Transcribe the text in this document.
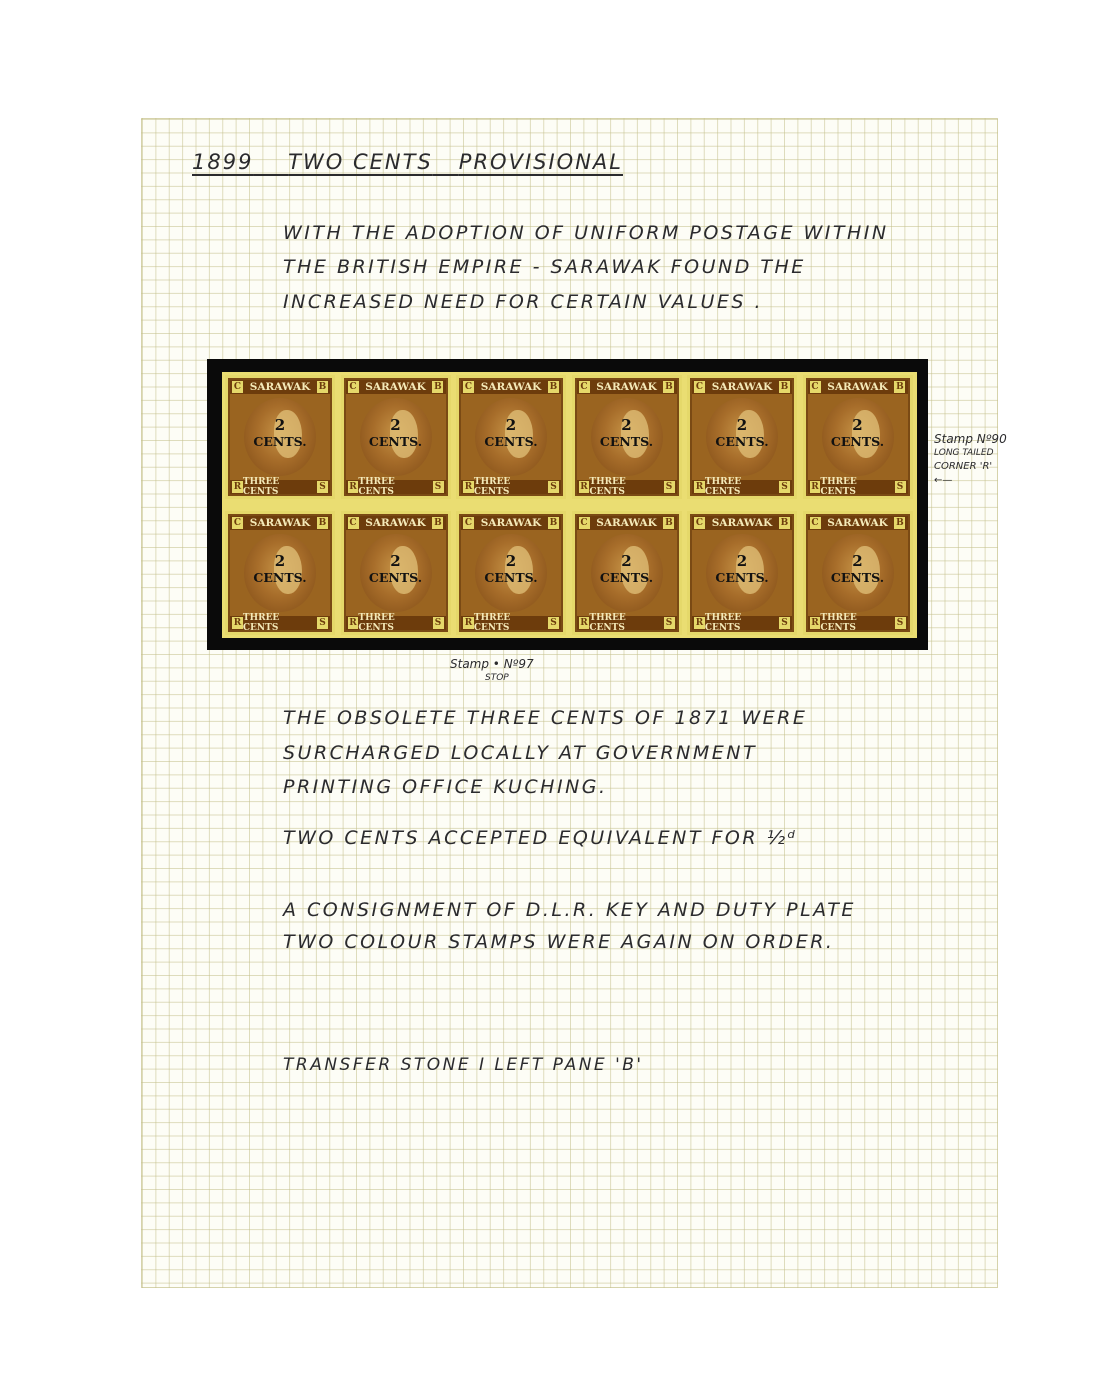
1899 TWO CENTS PROVISIONAL
WITH THE ADOPTION OF UNIFORM POSTAGE WITHIN
THE BRITISH EMPIRE - SARAWAK FOUND THE
INCREASED NEED FOR CERTAIN VALUES .
C SARAWAK B
2
CENTS.
R THREE CENTS	S
C SARAWAK B
2
CENTS.
R THREE CENTS	S
C SARAWAK B
2
CENTS.
R THREE CENTS	S
C SARAWAK B
2
CENTS.
R THREE CENTS	S
C SARAWAK B
2
CENTS.
R THREE CENTS	S
C SARAWAK B
2
CENTS.
R THREE CENTS	S
C SARAWAK B
2
CENTS.
R THREE CENTS	S
C SARAWAK B
2
CENTS.
R THREE CENTS	S
C SARAWAK B
2
CENTS.
R THREE CENTS	S
C SARAWAK B
2
CENTS.
R THREE CENTS	S
C SARAWAK B
2
CENTS.
R THREE CENTS	S
C SARAWAK B
2
CENTS.
R THREE CENTS	S
Stamp Nº90
LONG TAILED
CORNER 'R'
←—
Stamp • Nº97
STOP
THE OBSOLETE THREE CENTS OF 1871 WERE
SURCHARGED LOCALLY AT GOVERNMENT
PRINTING OFFICE KUCHING.
TWO CENTS ACCEPTED EQUIVALENT FOR ½ᵈ
A CONSIGNMENT OF D.L.R. KEY AND DUTY PLATE
TWO COLOUR STAMPS WERE AGAIN ON ORDER.
TRANSFER STONE I LEFT PANE 'B'
